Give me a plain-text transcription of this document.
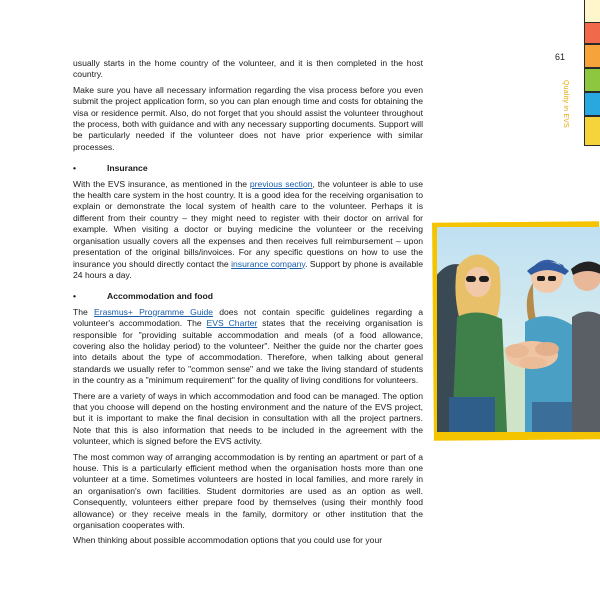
61
Quality in EVS

usually starts in the home country of the volunteer, and it is then completed in the host country.

Make sure you have all necessary information regarding the visa process before you even submit the project application form, so you can plan enough time and costs for obtaining the visa or residence permit. Also, do not forget that you should assist the volunteer throughout the process, both with guidance and with any necessary supporting documents. Support will be particularly needed if the volunteer does not have prior experience with similar processes.

•	Insurance

With the EVS insurance, as mentioned in the previous section, the volunteer is able to use the health care system in the host country. It is a good idea for the receiving organisation to explain or demonstrate the local system of health care to the volunteer. Perhaps it is different from their country – they might need to register with their doctor on arrival for example. When visiting a doctor or buying medicine the volunteer or the receiving organisation usually covers all the expenses and then receives full reimbursement – upon presentation of the original bills/invoices. For any specific questions on how to use the insurance you should directly contact the insurance company. Support by phone is available 24 hours a day.

•	Accommodation and food

The Erasmus+ Programme Guide does not contain specific guidelines regarding a volunteer's accommodation. The EVS Charter states that the receiving organisation is responsible for "providing suitable accommodation and meals (of a food allowance, covering also the holiday period) to the volunteer". Neither the guide nor the charter goes into details about the type of accommodation. Therefore, when talking about general standards we usually refer to "common sense" and we take the living standard of students in the country as a "minimum requirement" for the quality of living conditions for volunteers.

There are a variety of ways in which accommodation and food can be managed. The option that you choose will depend on the hosting environment and the nature of the EVS project, but it is important to make the final decision in consultation with all the project partners. Note that this is also information that needs to be included in the agreement with the volunteer, which is signed before the EVS activity.

The most common way of arranging accommodation is by renting an apartment or part of a house. This is a particularly efficient method when the organisation hosts more than one volunteer at a time. Sometimes volunteers are hosted in local families, and more rarely in an organisation's own facilities. Student dormitories are used as an option as well. Consequently, volunteers either prepare food by themselves (using their monthly food allowance) or they receive meals in the family, dormitory or other institution that the organisation cooperates with.

When thinking about possible accommodation options that you could use for your
